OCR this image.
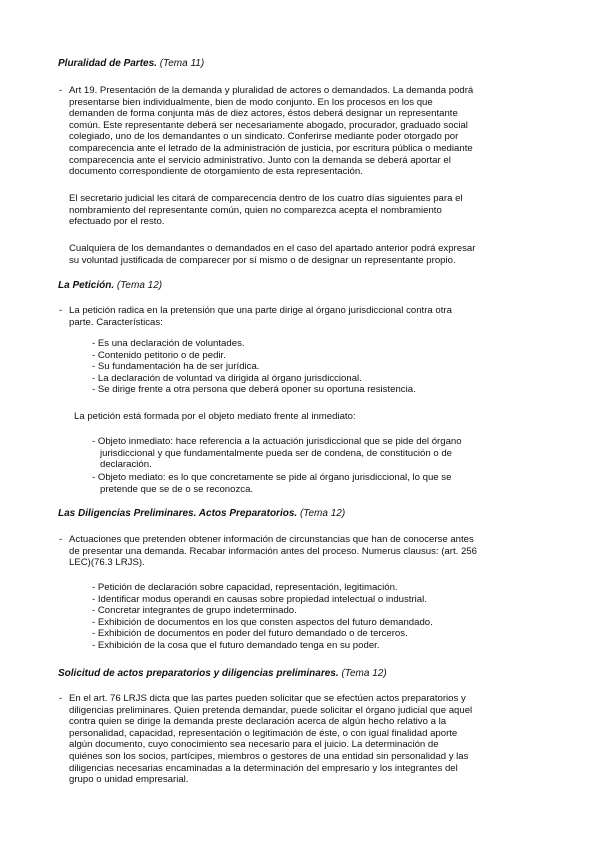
Pluralidad de Partes. (Tema 11)
- Art 19. Presentación de la demanda y pluralidad de actores o demandados. La demanda podrá
presentarse bien individualmente, bien de modo conjunto. En los procesos en los que
demanden de forma conjunta más de diez actores, éstos deberá designar un representante
común. Este representante deberá ser necesariamente abogado, procurador, graduado social
colegiado, uno de los demandantes o un sindicato. Conferirse mediante poder otorgado por
comparecencia ante el letrado de la administración de justicia, por escritura pública o mediante
comparecencia ante el servicio administrativo. Junto con la demanda se deberá aportar el
documento correspondiente de otorgamiento de esta representación.
El secretario judicial les citará de comparecencia dentro de los cuatro días siguientes para el
nombramiento del representante común, quien no comparezca acepta el nombramiento
efectuado por el resto.
Cualquiera de los demandantes o demandados en el caso del apartado anterior podrá expresar
su voluntad justificada de comparecer por sí mismo o de designar un representante propio.
La Petición. (Tema 12)
- La petición radica en la pretensión que una parte dirige al órgano jurisdiccional contra otra
parte. Características:
- Es una declaración de voluntades.
- Contenido petitorio o de pedir.
- Su fundamentación ha de ser jurídica.
- La declaración de voluntad va dirigida al órgano jurisdiccional.
- Se dirige frente a otra persona que deberá oponer su oportuna resistencia.
La petición está formada por el objeto mediato frente al inmediato:
- Objeto inmediato: hace referencia a la actuación jurisdiccional que se pide del órgano
jurisdiccional y que fundamentalmente pueda ser de condena, de constitución o de
declaración.
- Objeto mediato: es lo que concretamente se pide al órgano jurisdiccional, lo que se
pretende que se de o se reconozca.
Las Diligencias Preliminares. Actos Preparatorios. (Tema 12)
- Actuaciones que pretenden obtener información de circunstancias que han de conocerse antes
de presentar una demanda. Recabar información antes del proceso. Numerus clausus: (art. 256
LEC)(76.3 LRJS).
- Petición de declaración sobre capacidad, representación, legitimación.
- Identificar modus operandi en causas sobre propiedad intelectual o industrial.
- Concretar integrantes de grupo indeterminado.
- Exhibición de documentos en los que consten aspectos del futuro demandado.
- Exhibición de documentos en poder del futuro demandado o de terceros.
- Exhibición de la cosa que el futuro demandado tenga en su poder.
Solicitud de actos preparatorios y diligencias preliminares. (Tema 12)
- En el art. 76 LRJS dicta que las partes pueden solicitar que se efectúen actos preparatorios y
diligencias preliminares. Quien pretenda demandar, puede solicitar el órgano judicial que aquel
contra quien se dirige la demanda preste declaración acerca de algún hecho relativo a la
personalidad, capacidad, representación o legitimación de éste, o con igual finalidad aporte
algún documento, cuyo conocimiento sea necesario para el juicio. La determinación de
quiénes son los socios, partícipes, miembros o gestores de una entidad sin personalidad y las
diligencias necesarias encaminadas a la determinación del empresario y los integrantes del
grupo o unidad empresarial.
